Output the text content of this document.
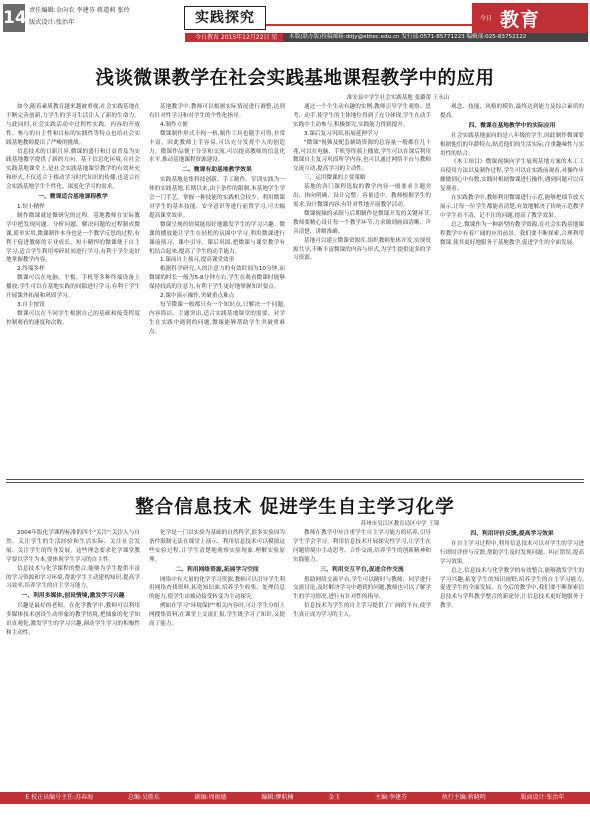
14 责任编辑:金向农 李建芬 蒋道莉 张玲
版式设计:张治年	实践探究	今日 教育
今日教育 2015年12月22日 星期二
本版(联办版)投稿邮箱:ddjy@ebtec.edu.cn 发行部:0571-85771223 编辑部:025-83752122
浅谈微课教学在社会实践基地课程教学中的应用
淮安县中学生社会实践基地 张璐蕾 王永山

如今,随着素质教育越来越被重视,社会实践基地在不断完善创新,力学生的学习生活注入了新的生命力。与此同时,社会实践活动中过程性实践、内容的开放性、参与的自主性和目标的实践性等特点也给社会实践基地教师提出了严峻的挑战。

信息技术的日新月异,微课的盛行和日益普及为实践基地教学提供了新的方向。基于信息化环境,在社会实践基地课堂上,是社会实践基地课堂教学的有效补充和形式,不仅适合于移动学习时代知识的传播,也适合社会实践基地学生个性化、深度化学习的需求。

一、微课适合基地课程教学

1.短小精悍

制作微课就是微研究的过程。基地教师在实际教学中把发现问题、分析问题、解决问题的过程制成微课,简单实用,微课制作本身也是一个教学反思的过程,有利于促进教师的专业成长。短小精悍的微课便于自主学习,适合学生利用零碎时间进行学习,有利于学生更好地掌握教学内容。

2.终端多样

微课可以在电脑、平板、手机等多种终端设备上播放,学生可以在基地实践的间隙进行学习,有利于学生开展课外拓展和巩固学习。

3.自主按钮

微课可以在不同学生根据自己的基础和接受程度控制观看的速度和次数。

基地教学中,教师可以根据实际情况进行调整,达到有针对性学习和对学生的个性化指导。

4.制作方便

微课制作形式不拘一格,制作工具也随手可得,非常丰富。因此教师上手容易,可以充分发挥个人的创造力。微课作品便于分享和交流,可以提高教师的信息化水平,推动基地课程资源建设。

二、微课有助基地教学效果

实践基地是集科技创新、手工制作、军训实践为一体的实践基地,长期以来,由于条件的限制,本基地学生学会一门手艺、掌握一种技能的实践机会较少。利用微课对学生的基本技能、安全意识等进行前置学习,可大幅提高课堂效率。

微课呈现的情境能很好地激发学生的学习兴趣。微课的播放能让学生在轻松的氛围中学习,利用微课进行课前预习、课中引导、课后巩固,把微课与课堂教学有机结合起来,提高了学生的动手能力。

1.课前自主预习,提高课堂效率

根据科学研究,人的注意力的有效时间为10分钟,而微课的时长一般为5-8分钟左右,学生在观看微课时能够保持较高的注意力,有利于学生更好地掌握知识要点。

2.课中演示操作,突破重点难点

每节微课一般都只有一个知识点,只解决一个问题,内容简洁、主题突出,适合实践基地课堂的需要。对学生在实践中遇到的问题,微课能够帮助学生突破重难点。

通过一个个生动有趣的实例,教师引导学生观察、思考、动手,使学生的主体地位得到了充分体现,学生在动手实践中主动参与,积极探究,实践能力得到提升。

3.课后复习巩固,拓展延伸学习

"微课"视频及配套辅助资源的总容量一般都在几十兆,可以在电脑、手机等终端上播放,学生可以在课后利用微课自主复习巩固所学内容,也可以通过网络平台与教师交流互动,提高学习的主动性。

三、运用微课的主要策略

基地的各门课程选取的教学内容一般要求主题突出、指向明确、设计完整、容量适中。教师根据学生的需求,设计微课内容,有针对性地开展教学活动。

微课视频的录制与后期制作是微课开发的关键环节,教师要精心设计每一个教学环节,力求做到画面清晰、声音清楚、讲解准确。

基地可以建立微课资源库,组织教师集体开发,实现资源共享,不断丰富微课的内容与形式,为学生提供更多的学习资源。

观念、技能、风格的模仿,最终达到能力及综合素质的提高。

四、微课在基地教学中的实际应用

社会实践基地面向的是八年级的学生,因此制作微课要根据他们的年龄特点,贴近他们的生活实际,注重趣味性与实用性的结合。

《木工项目》微课视频向学生展现基地方案的木工工具使用方法以及制作过程,学生可以在实践前观看,对操作步骤做到心中有数,实践时根据微课进行操作,遇到问题可以反复观看。

在实践教学中,教师利用微课进行示范,能够把细节放大展示,让每一位学生都能看清楚,有效地解决了传统示范教学中学生看不清、记不住的问题,提高了教学效果。

总之,微课作为一种新型的教学资源,在社会实践基地课程教学中有着广阔的应用前景。我们要不断探索,合理利用微课,使其更好地服务于基地教学,促进学生的全面发展。

整合信息技术 促进学生自主学习化学
苏州市吴江区教育局区中学 王锦

2004年版化学课程标准的四个"关注":关注人与自然、关注学生的生活经验和生活实际、关注社会发展、关注学生的终身发展。这些理念要求化学课堂教学要以学生为本,要体现学生学习的自主性。

信息技术与化学课程的整合,能够为学生提供丰富的学习资源和学习环境,帮助学生主动建构知识,提高学习效率,培养学生的自主学习能力。

一、利用多媒体,创设情境,激发学习兴趣

兴趣是最好的老师。在化学教学中,教师可以利用多媒体技术创设生动形象的教学情境,把抽象的化学知识直观化,激发学生的学习兴趣,调动学生学习的积极性和主动性。

化学是一门以实验为基础的自然科学,很多实验因为条件限制无法在课堂上演示。利用信息技术可以模拟这些实验过程,让学生清楚地观察实验现象,理解实验原理。

二、利用网络资源,拓展学习空间

网络中有大量的化学学习资源,教师可以引导学生利用网络查找资料,拓宽知识面,培养学生收集、处理信息的能力,使学生由被动接受转变为主动探究。

例如在学习"环境保护"相关内容时,可让学生分组上网搜集资料,在课堂上交流汇报,学生既学习了知识,又提高了能力。

教师在教学中应注重学生自主学习能力的培养,引导学生学会学习。利用信息技术开展探究性学习,让学生在问题情境中主动思考、合作交流,培养学生的创新精神和实践能力。

三、利用交互平台,促进合作交流

借助网络交流平台,学生可以随时与教师、同学进行交流讨论,及时解决学习中遇到的问题,教师也可以了解学生的学习情况,进行有针对性的指导。

信息技术为学生的自主学习提供了广阔的平台,使学生真正成为学习的主人。

四、利用评价反馈,提高学习效果

在自主学习过程中,利用信息技术可以对学生的学习进行即时评价与反馈,帮助学生及时发现问题、纠正错误,提高学习效果。

总之,信息技术与化学教学的有效整合,能够激发学生的学习兴趣,拓宽学生的知识视野,培养学生的自主学习能力,促进学生的全面发展。在今后的教学中,我们要不断探索信息技术与学科教学整合的新途径,让信息技术更好地服务于教学。

E 校正员编号主任:苏春海	总编:吴胜东	副编:周振德	编辑:缪航楠	金玉	主编:李建芬	执行主编:蒋晓明	版面设计:张治年
